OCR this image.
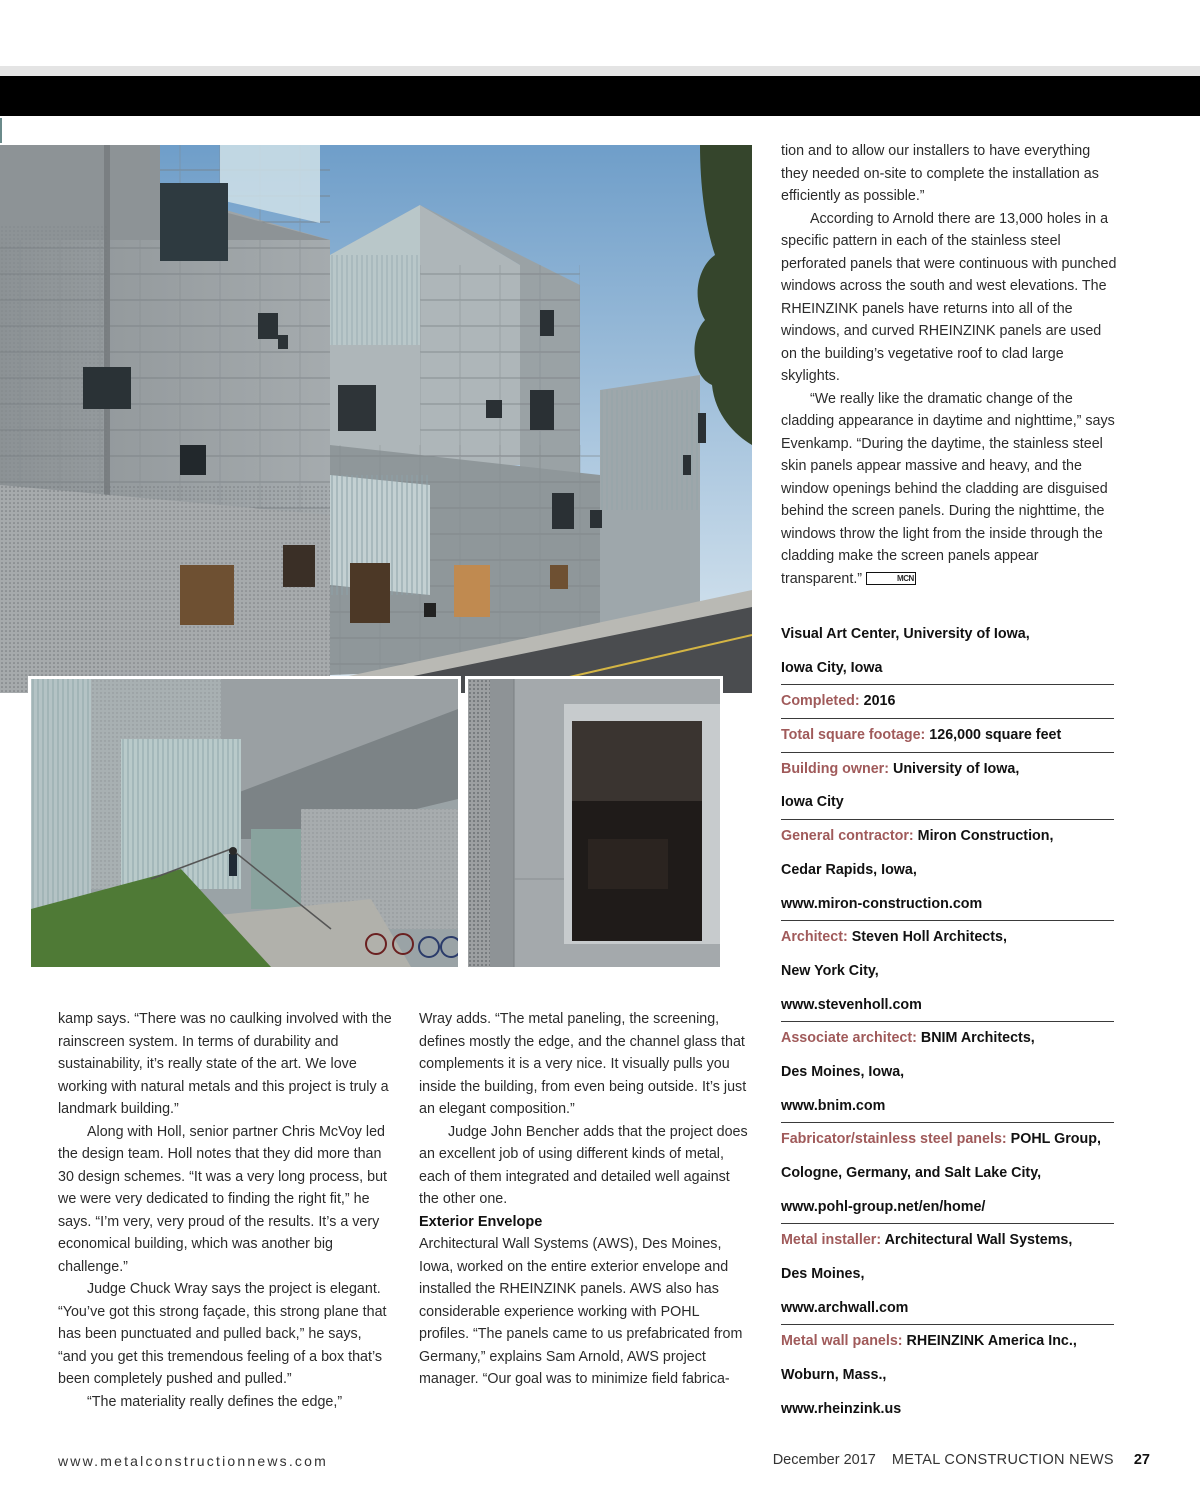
kamp says. “There was no caulking involved with the rainscreen system. In terms of durability and sustainability, it’s really state of the art. We love working with natural metals and this project is truly a landmark building.”

Along with Holl, senior partner Chris McVoy led the design team. Holl notes that they did more than 30 design schemes. “It was a very long process, but we were very dedicated to finding the right fit,” he says. “I’m very, very proud of the results. It’s a very economical building, which was another big challenge.”

Judge Chuck Wray says the project is elegant. “You’ve got this strong façade, this strong plane that has been punctuated and pulled back,” he says, “and you get this tremendous feeling of a box that’s been completely pushed and pulled.”

“The materiality really defines the edge,”

Wray adds. “The metal paneling, the screening, defines mostly the edge, and the channel glass that complements it is a very nice. It visually pulls you inside the building, from even being outside. It’s just an elegant composition.”

Judge John Bencher adds that the project does an excellent job of using different kinds of metal, each of them integrated and detailed well against the other one.

Exterior Envelope

Architectural Wall Systems (AWS), Des Moines, Iowa, worked on the entire exterior envelope and installed the RHEINZINK panels. AWS also has considerable experience working with POHL profiles. “The panels came to us prefabricated from Germany,” explains Sam Arnold, AWS project manager. “Our goal was to minimize field fabrica-

tion and to allow our installers to have everything they needed on-site to complete the installation as efficiently as possible.”

According to Arnold there are 13,000 holes in a specific pattern in each of the stainless steel perforated panels that were continuous with punched windows across the south and west elevations. The RHEINZINK panels have returns into all of the windows, and curved RHEINZINK panels are used on the building’s vegetative roof to clad large skylights.

“We really like the dramatic change of the cladding appearance in daytime and nighttime,” says Evenkamp. “During the daytime, the stainless steel skin panels appear massive and heavy, and the window openings behind the cladding are disguised behind the screen panels. During the nighttime, the windows throw the light from the inside through the cladding make the screen panels appear transparent.”	MCN

Visual Art Center, University of Iowa,
Iowa City, Iowa
Completed: 2016
Total square footage: 126,000 square feet
Building owner: University of Iowa,
Iowa City
General contractor: Miron Construction,
Cedar Rapids, Iowa,
www.miron-construction.com
Architect: Steven Holl Architects,
New York City,
www.stevenholl.com
Associate architect: BNIM Architects,
Des Moines, Iowa,
www.bnim.com
Fabricator/stainless steel panels: POHL Group,
Cologne, Germany, and Salt Lake City,
www.pohl-group.net/en/home/
Metal installer: Architectural Wall Systems,
Des Moines,
www.archwall.com
Metal wall panels: RHEINZINK America Inc.,
Woburn, Mass.,
www.rheinzink.us
www.metalconstructionnews.com	December 2017 METAL CONSTRUCTION NEWS 27
